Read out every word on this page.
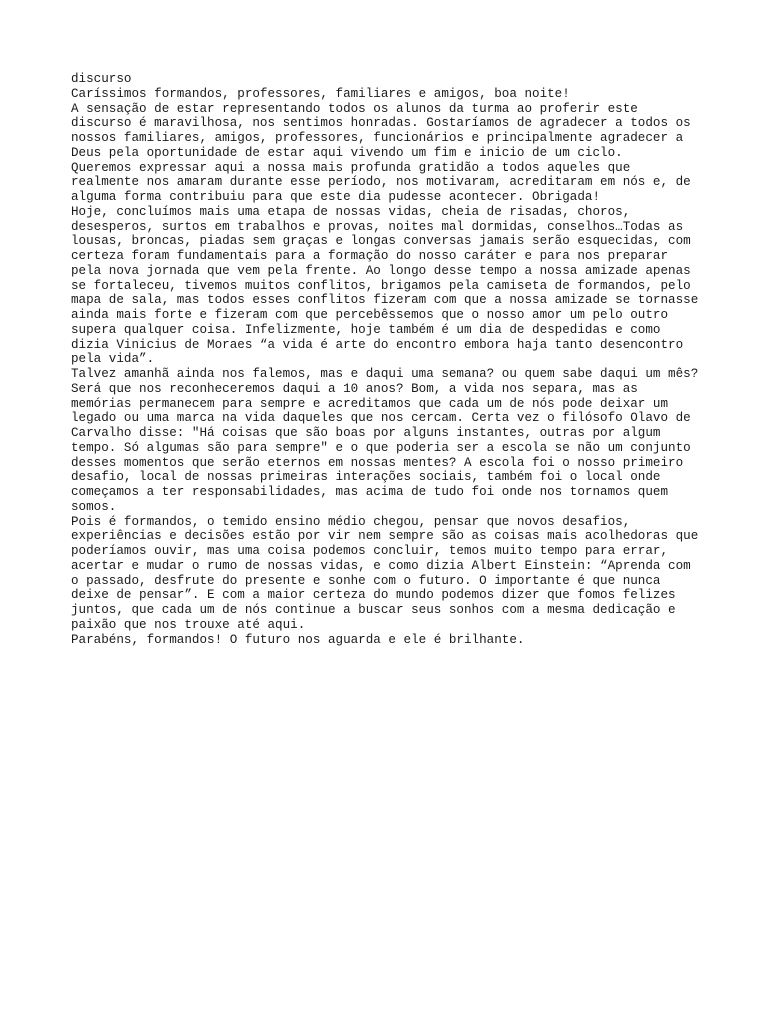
discurso
Caríssimos formandos, professores, familiares e amigos, boa noite!
A sensação de estar representando todos os alunos da turma ao proferir este
discurso é maravilhosa, nos sentimos honradas. Gostaríamos de agradecer a todos os
nossos familiares, amigos, professores, funcionários e principalmente agradecer a
Deus pela oportunidade de estar aqui vivendo um fim e inicio de um ciclo.
Queremos expressar aqui a nossa mais profunda gratidão a todos aqueles que
realmente nos amaram durante esse período, nos motivaram, acreditaram em nós e, de
alguma forma contribuiu para que este dia pudesse acontecer. Obrigada!
Hoje, concluímos mais uma etapa de nossas vidas, cheia de risadas, choros,
desesperos, surtos em trabalhos e provas, noites mal dormidas, conselhos…Todas as
lousas, broncas, piadas sem graças e longas conversas jamais serão esquecidas, com
certeza foram fundamentais para a formação do nosso caráter e para nos preparar
pela nova jornada que vem pela frente. Ao longo desse tempo a nossa amizade apenas
se fortaleceu, tivemos muitos conflitos, brigamos pela camiseta de formandos, pelo
mapa de sala, mas todos esses conflitos fizeram com que a nossa amizade se tornasse
ainda mais forte e fizeram com que percebêssemos que o nosso amor um pelo outro
supera qualquer coisa. Infelizmente, hoje também é um dia de despedidas e como
dizia Vinicius de Moraes “a vida é arte do encontro embora haja tanto desencontro
pela vida”.
Talvez amanhã ainda nos falemos, mas e daqui uma semana? ou quem sabe daqui um mês?
Será que nos reconheceremos daqui a 10 anos? Bom, a vida nos separa, mas as
memórias permanecem para sempre e acreditamos que cada um de nós pode deixar um
legado ou uma marca na vida daqueles que nos cercam. Certa vez o filósofo Olavo de
Carvalho disse: "Há coisas que são boas por alguns instantes, outras por algum
tempo. Só algumas são para sempre" e o que poderia ser a escola se não um conjunto
desses momentos que serão eternos em nossas mentes? A escola foi o nosso primeiro
desafio, local de nossas primeiras interações sociais, também foi o local onde
começamos a ter responsabilidades, mas acima de tudo foi onde nos tornamos quem
somos.
Pois é formandos, o temido ensino médio chegou, pensar que novos desafios,
experiências e decisões estão por vir nem sempre são as coisas mais acolhedoras que
poderíamos ouvir, mas uma coisa podemos concluir, temos muito tempo para errar,
acertar e mudar o rumo de nossas vidas, e como dizia Albert Einstein: “Aprenda com
o passado, desfrute do presente e sonhe com o futuro. O importante é que nunca
deixe de pensar”. E com a maior certeza do mundo podemos dizer que fomos felizes
juntos, que cada um de nós continue a buscar seus sonhos com a mesma dedicação e
paixão que nos trouxe até aqui.
Parabéns, formandos! O futuro nos aguarda e ele é brilhante.
